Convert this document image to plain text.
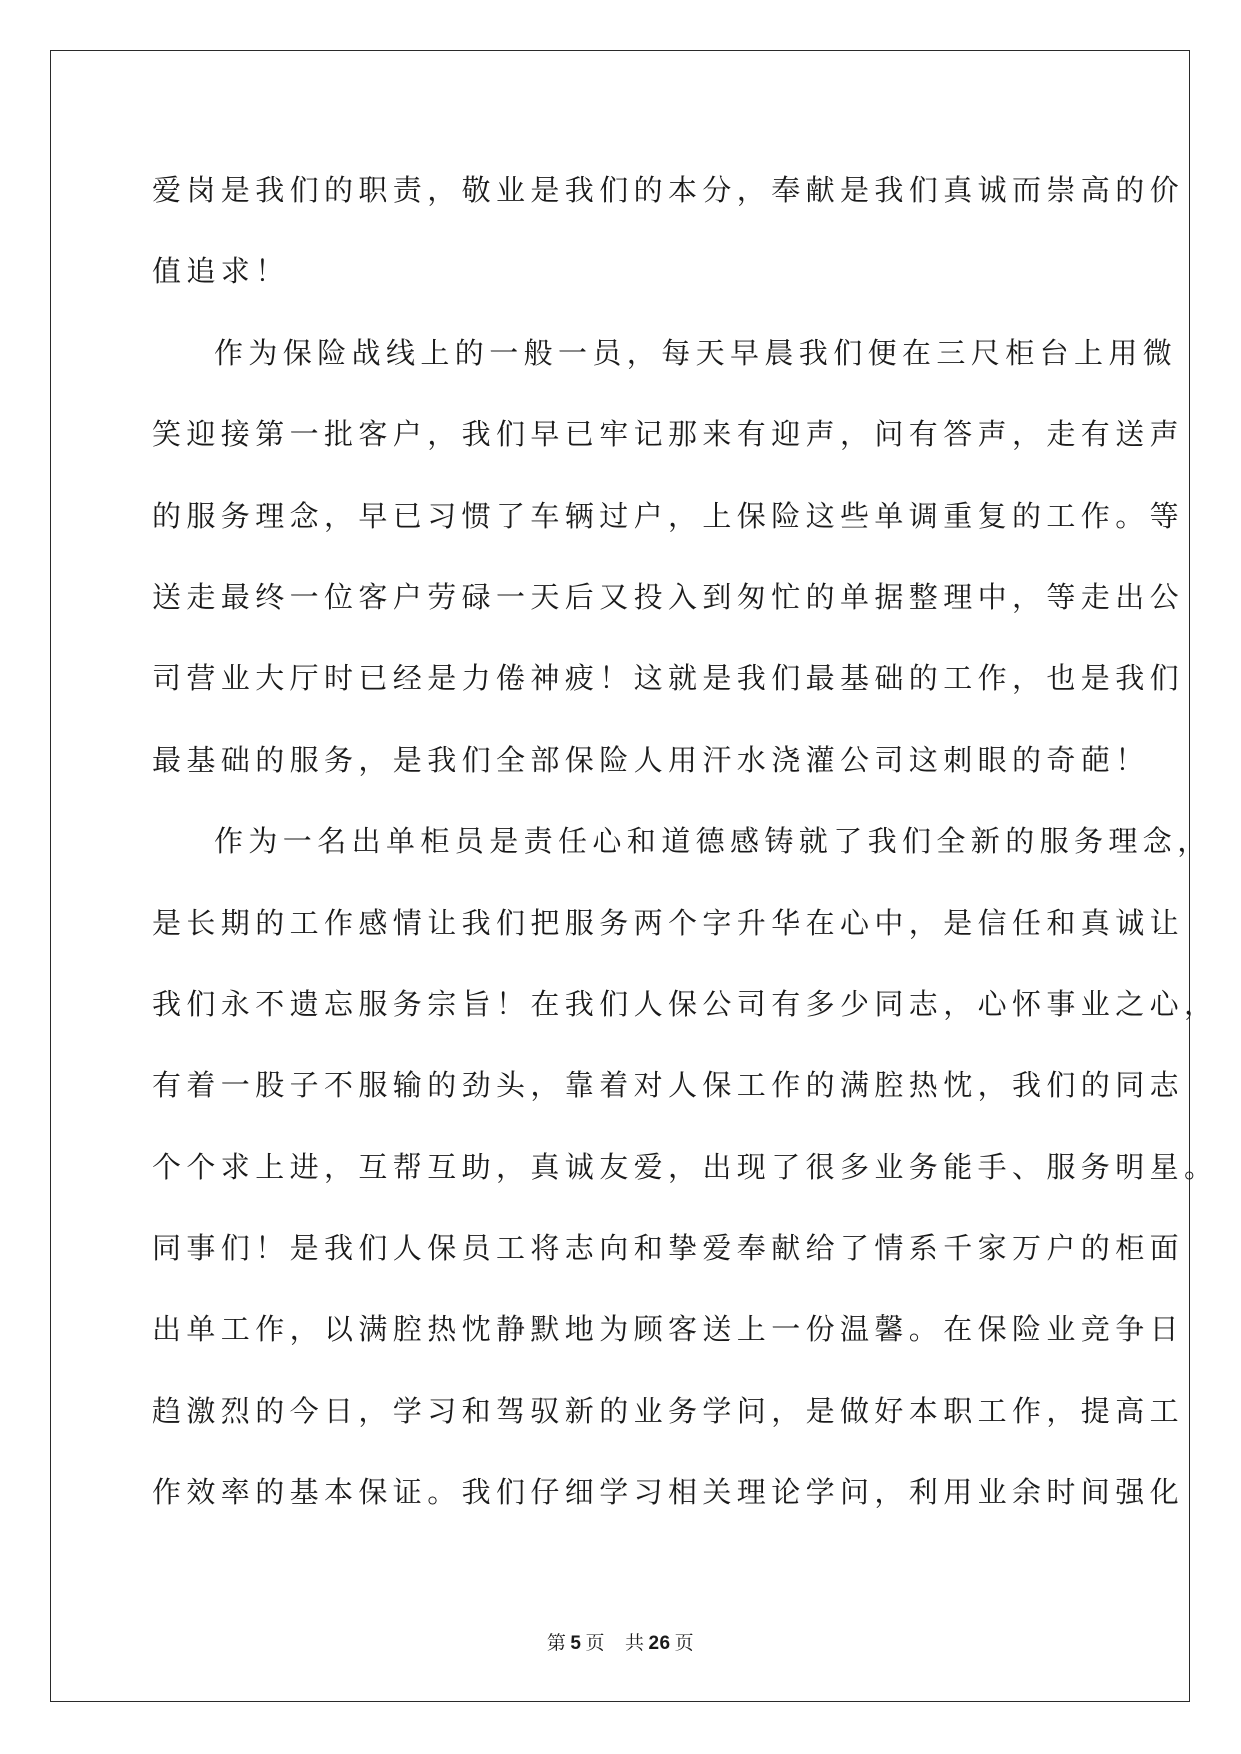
爱岗是我们的职责，敬业是我们的本分，奉献是我们真诚而崇高的价
值追求！
作为保险战线上的一般一员，每天早晨我们便在三尺柜台上用微
笑迎接第一批客户，我们早已牢记那来有迎声，问有答声，走有送声
的服务理念，早已习惯了车辆过户，上保险这些单调重复的工作。等
送走最终一位客户劳碌一天后又投入到匆忙的单据整理中，等走出公
司营业大厅时已经是力倦神疲！这就是我们最基础的工作，也是我们
最基础的服务，是我们全部保险人用汗水浇灌公司这刺眼的奇葩！
作为一名出单柜员是责任心和道德感铸就了我们全新的服务理念，
是长期的工作感情让我们把服务两个字升华在心中，是信任和真诚让
我们永不遗忘服务宗旨！在我们人保公司有多少同志，心怀事业之心，
有着一股子不服输的劲头，靠着对人保工作的满腔热忱，我们的同志
个个求上进，互帮互助，真诚友爱，出现了很多业务能手、服务明星。
同事们！是我们人保员工将志向和挚爱奉献给了情系千家万户的柜面
出单工作，以满腔热忱静默地为顾客送上一份温馨。在保险业竞争日
趋激烈的今日，学习和驾驭新的业务学问，是做好本职工作，提高工
作效率的基本保证。我们仔细学习相关理论学问，利用业余时间强化
第 5 页 共 26 页
